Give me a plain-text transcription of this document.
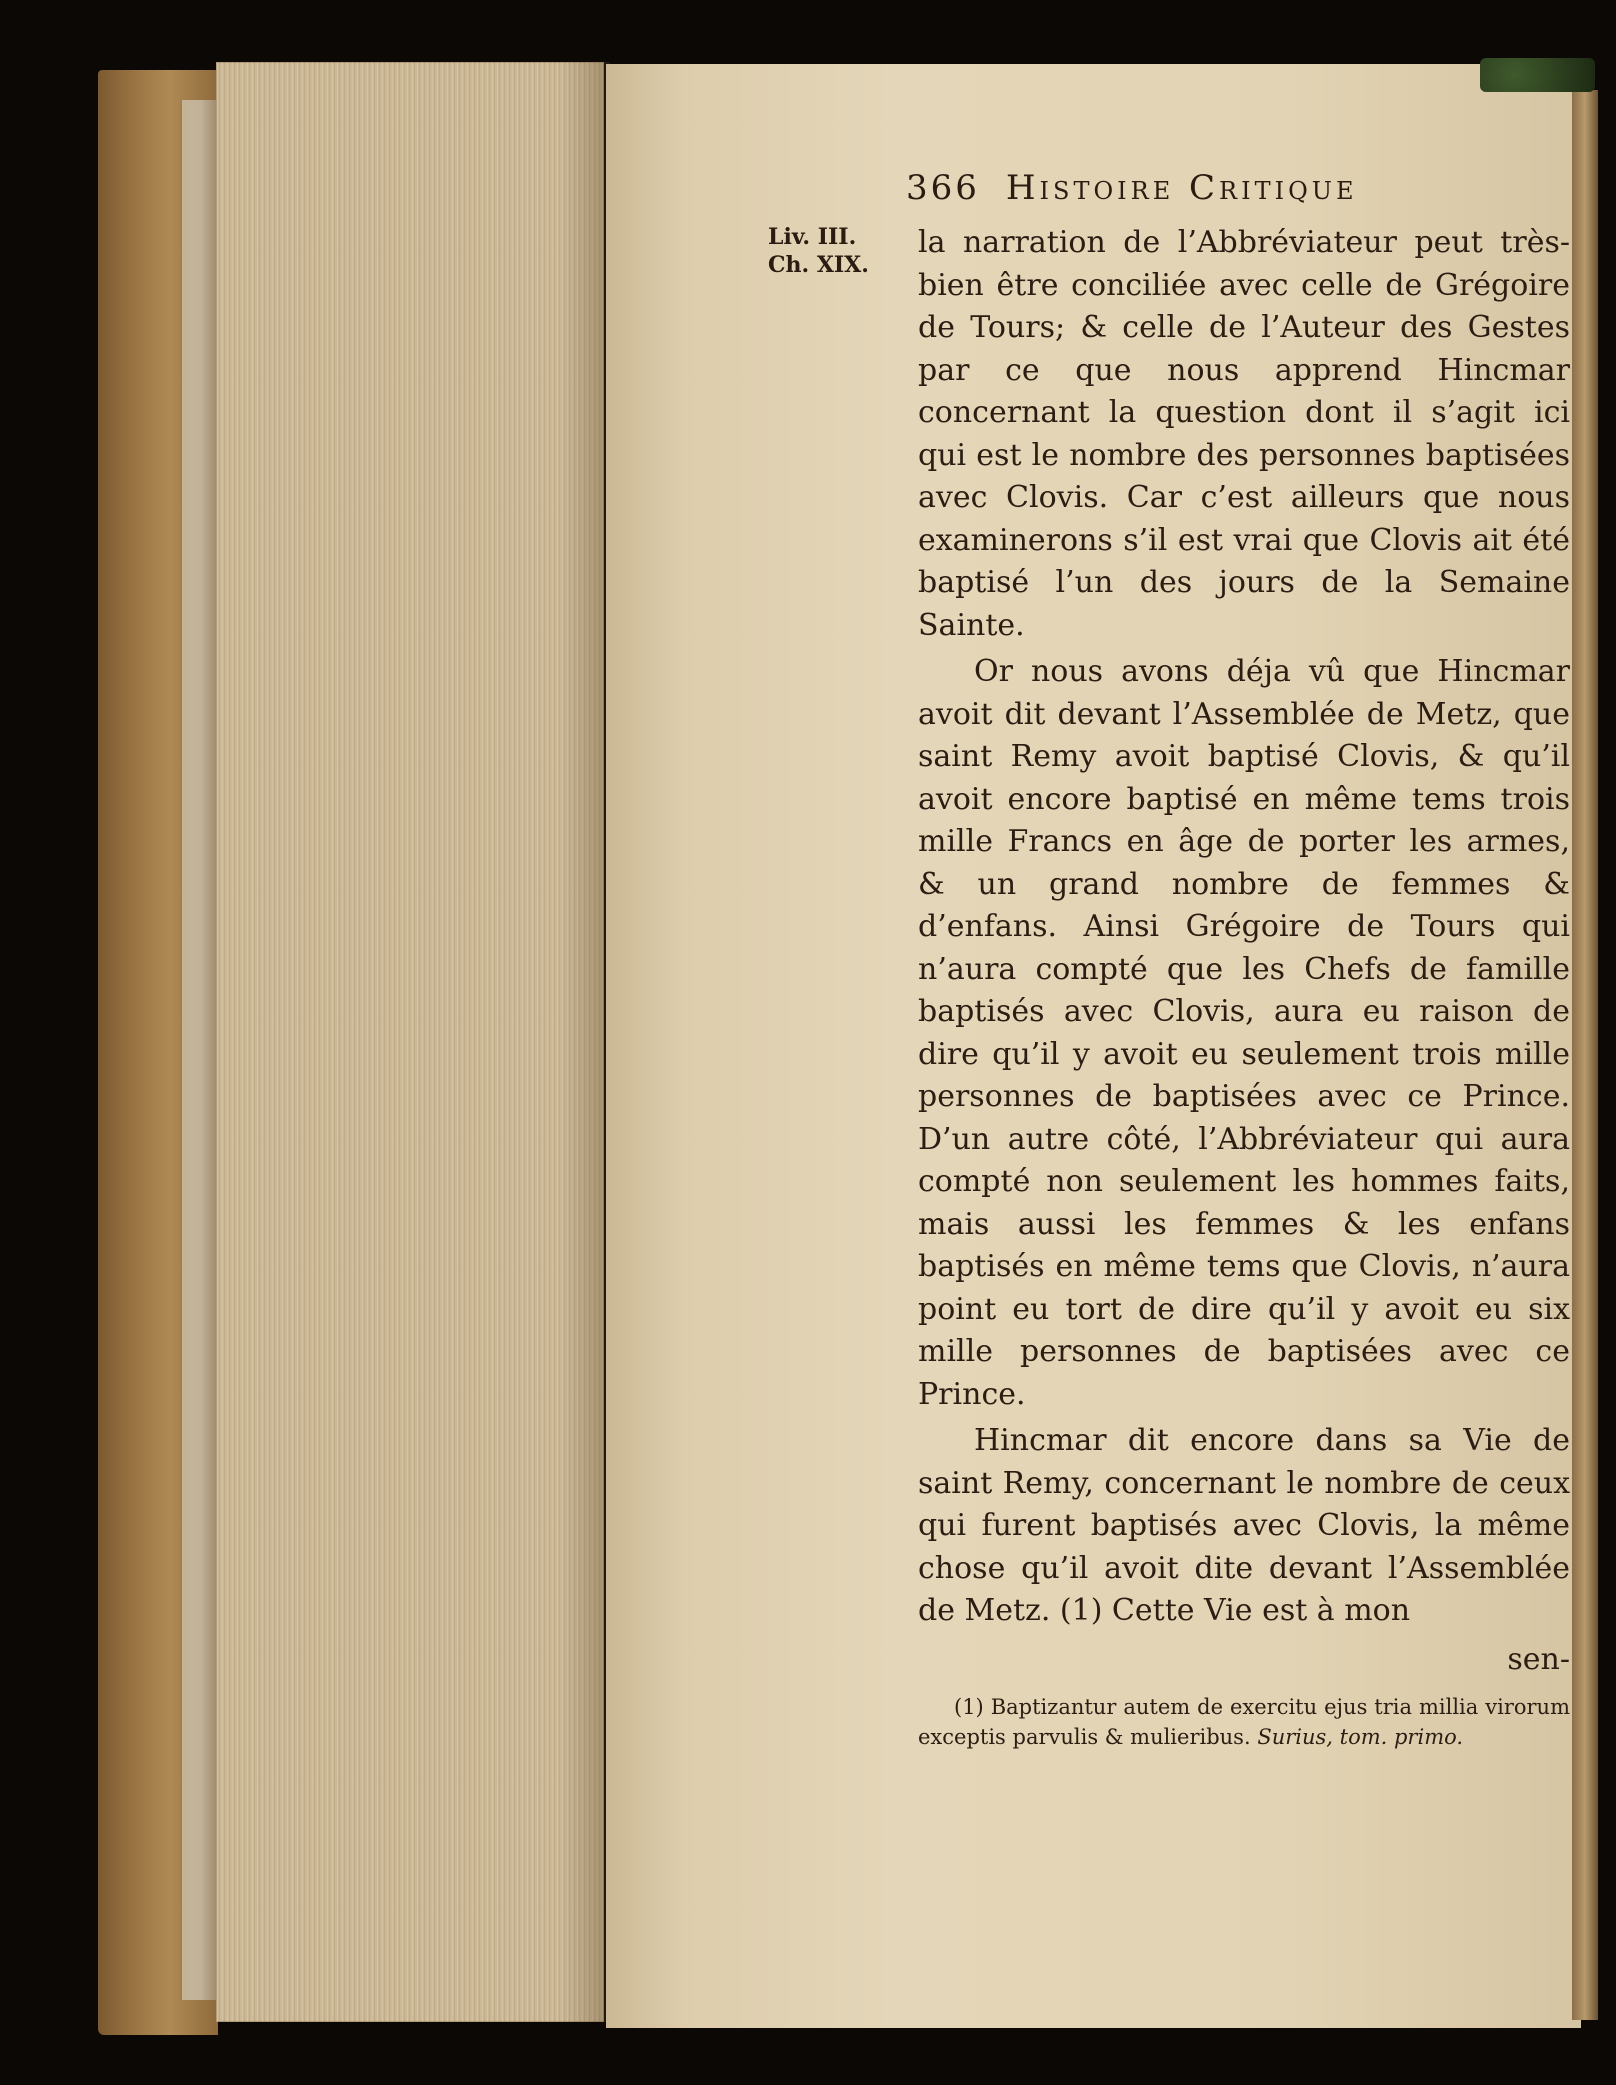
366 Histoire Critique
Liv. III.
Ch. XIX.

la narration de l’Abbréviateur peut très-bien être conciliée avec celle de Grégoire de Tours; & celle de l’Auteur des Gestes par ce que nous apprend Hincmar concernant la question dont il s’agit ici qui est le nombre des personnes baptisées avec Clovis. Car c’est ailleurs que nous examinerons s’il est vrai que Clovis ait été baptisé l’un des jours de la Semaine Sainte.

Or nous avons déja vû que Hincmar avoit dit devant l’Assemblée de Metz, que saint Remy avoit baptisé Clovis, & qu’il avoit encore baptisé en même tems trois mille Francs en âge de porter les armes, & un grand nombre de femmes & d’enfans. Ainsi Grégoire de Tours qui n’aura compté que les Chefs de famille baptisés avec Clovis, aura eu raison de dire qu’il y avoit eu seulement trois mille personnes de baptisées avec ce Prince. D’un autre côté, l’Abbréviateur qui aura compté non seulement les hommes faits, mais aussi les femmes & les enfans baptisés en même tems que Clovis, n’aura point eu tort de dire qu’il y avoit eu six mille personnes de baptisées avec ce Prince.

Hincmar dit encore dans sa Vie de saint Remy, concernant le nombre de ceux qui furent baptisés avec Clovis, la même chose qu’il avoit dite devant l’Assemblée de Metz. (1) Cette Vie est à mon

sen-

(1) Baptizantur autem de exercitu ejus tria millia virorum exceptis parvulis & mulieribus. Surius, tom. primo.
